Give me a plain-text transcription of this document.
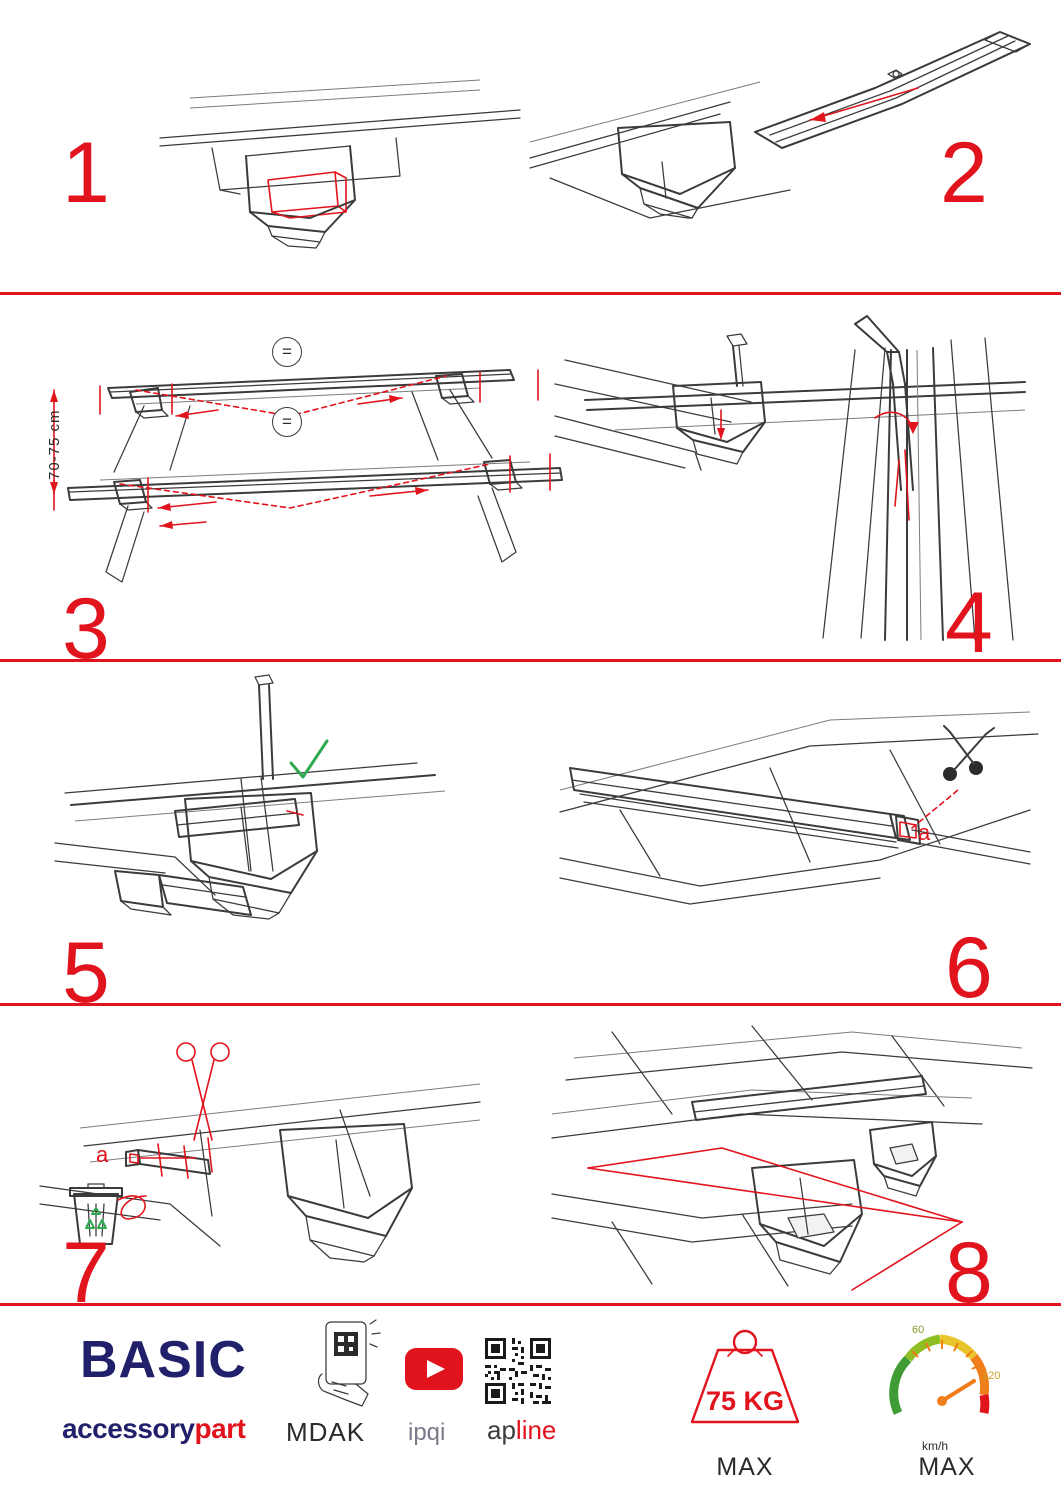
1	2
70-75 cm
=
=
3	4
5
a
6
a
7	8
BASIC
accessorypart MDAK ipqi apline
75 KG
MAX
60
120
km/h
MAX
